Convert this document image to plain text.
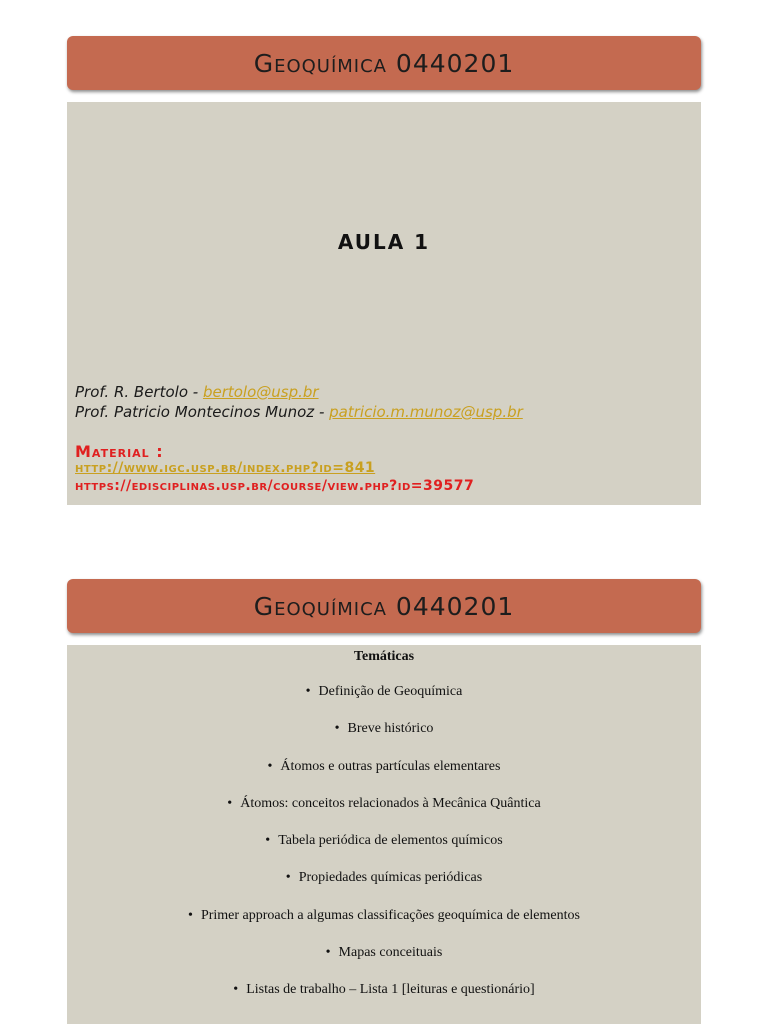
Geoquímica 0440201
AULA 1
Prof. R. Bertolo - bertolo@usp.br
Prof. Patricio Montecinos Munoz - patricio.m.munoz@usp.br
Material :
http://www.igc.usp.br/index.php?id=841
https://edisciplinas.usp.br/course/view.php?id=39577
Geoquímica 0440201
Temáticas
• Definição de Geoquímica
• Breve histórico
• Átomos e outras partículas elementares
• Átomos: conceitos relacionados à Mecânica Quântica
• Tabela periódica de elementos químicos
• Propiedades químicas periódicas
• Primer approach a algumas classificações geoquímica de elementos
• Mapas conceituais
• Listas de trabalho – Lista 1 [leituras e questionário]
